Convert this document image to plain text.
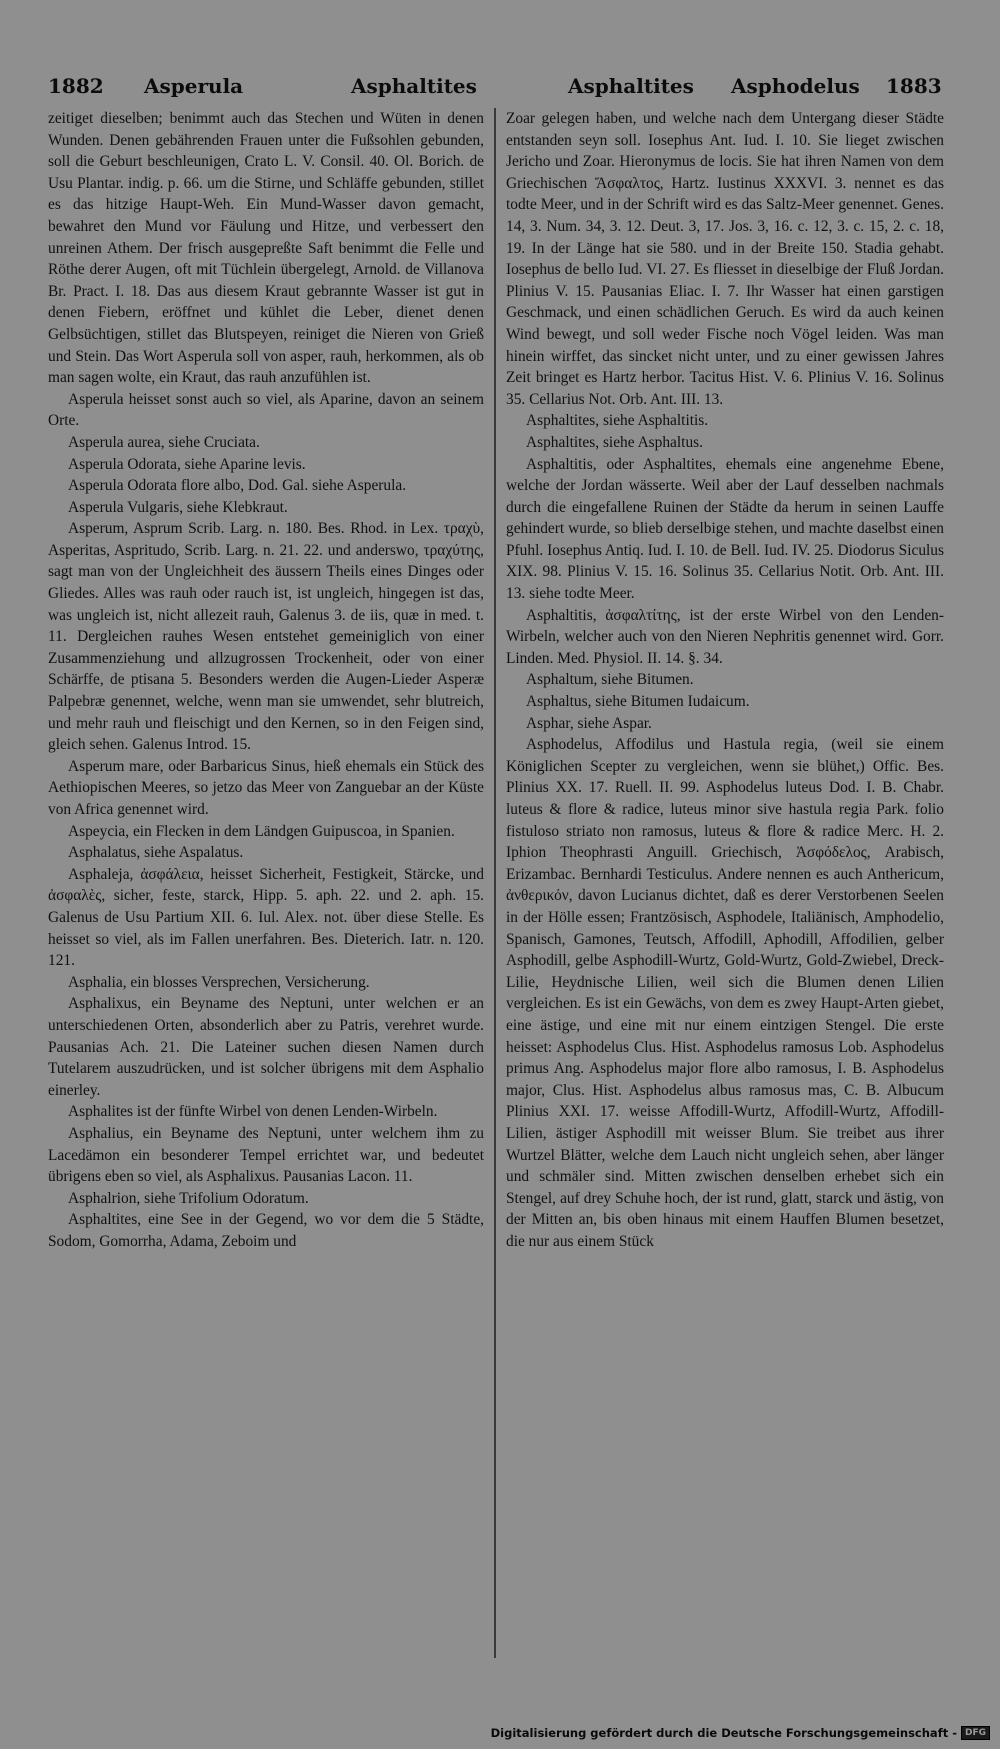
1882 Asperula	Asphaltites	Asphaltites Asphodelus 1883

zeitiget dieselben; benimmt auch das Stechen und Wüten in denen Wunden. Denen gebährenden Frauen unter die Fußsohlen gebunden, soll die Geburt beschleunigen, Crato L. V. Consil. 40. Ol. Borich. de Usu Plantar. indig. p. 66. um die Stirne, und Schläffe gebunden, stillet es das hitzige Haupt-Weh. Ein Mund-Wasser davon gemacht, bewahret den Mund vor Fäulung und Hitze, und verbessert den unreinen Athem. Der frisch ausgepreßte Saft benimmt die Felle und Röthe derer Augen, oft mit Tüchlein übergelegt, Arnold. de Villanova Br. Pract. I. 18. Das aus diesem Kraut gebrannte Wasser ist gut in denen Fiebern, eröffnet und kühlet die Leber, dienet denen Gelbsüchtigen, stillet das Blutspeyen, reiniget die Nieren von Grieß und Stein. Das Wort Asperula soll von asper, rauh, herkommen, als ob man sagen wolte, ein Kraut, das rauh anzufühlen ist.

Asperula heisset sonst auch so viel, als Aparine, davon an seinem Orte.

Asperula aurea, siehe Cruciata.

Asperula Odorata, siehe Aparine levis.

Asperula Odorata flore albo, Dod. Gal. siehe Asperula.

Asperula Vulgaris, siehe Klebkraut.

Asperum, Asprum Scrib. Larg. n. 180. Bes. Rhod. in Lex. τραχὺ, Asperitas, Aspritudo, Scrib. Larg. n. 21. 22. und anderswo, τραχύτης, sagt man von der Ungleichheit des äussern Theils eines Dinges oder Gliedes. Alles was rauh oder rauch ist, ist ungleich, hingegen ist das, was ungleich ist, nicht allezeit rauh, Galenus 3. de iis, quæ in med. t. 11. Dergleichen rauhes Wesen entstehet gemeiniglich von einer Zusammenziehung und allzugrossen Trockenheit, oder von einer Schärffe, de ptisana 5. Besonders werden die Augen-Lieder Asperæ Palpebræ genennet, welche, wenn man sie umwendet, sehr blutreich, und mehr rauh und fleischigt und den Kernen, so in den Feigen sind, gleich sehen. Galenus Introd. 15.

Asperum mare, oder Barbaricus Sinus, hieß ehemals ein Stück des Aethiopischen Meeres, so jetzo das Meer von Zanguebar an der Küste von Africa genennet wird.

Aspeycia, ein Flecken in dem Ländgen Guipuscoa, in Spanien.

Asphalatus, siehe Aspalatus.

Asphaleja, ἀσφάλεια, heisset Sicherheit, Festigkeit, Stärcke, und ἀσφαλὲς, sicher, feste, starck, Hipp. 5. aph. 22. und 2. aph. 15. Galenus de Usu Partium XII. 6. Iul. Alex. not. über diese Stelle. Es heisset so viel, als im Fallen unerfahren. Bes. Dieterich. Iatr. n. 120. 121.

Asphalia, ein blosses Versprechen, Versicherung.

Asphalixus, ein Beyname des Neptuni, unter welchen er an unterschiedenen Orten, absonderlich aber zu Patris, verehret wurde. Pausanias Ach. 21. Die Lateiner suchen diesen Namen durch Tutelarem auszudrücken, und ist solcher übrigens mit dem Asphalio einerley.

Asphalites ist der fünfte Wirbel von denen Lenden-Wirbeln.

Asphalius, ein Beyname des Neptuni, unter welchem ihm zu Lacedämon ein besonderer Tempel errichtet war, und bedeutet übrigens eben so viel, als Asphalixus. Pausanias Lacon. 11.

Asphalrion, siehe Trifolium Odoratum.

Asphaltites, eine See in der Gegend, wo vor dem die 5 Städte, Sodom, Gomorrha, Adama, Zeboim und

Zoar gelegen haben, und welche nach dem Untergang dieser Städte entstanden seyn soll. Iosephus Ant. Iud. I. 10. Sie lieget zwischen Jericho und Zoar. Hieronymus de locis. Sie hat ihren Namen von dem Griechischen Ἄσφαλτος, Hartz. Iustinus XXXVI. 3. nennet es das todte Meer, und in der Schrift wird es das Saltz-Meer genennet. Genes. 14, 3. Num. 34, 3. 12. Deut. 3, 17. Jos. 3, 16. c. 12, 3. c. 15, 2. c. 18, 19. In der Länge hat sie 580. und in der Breite 150. Stadia gehabt. Iosephus de bello Iud. VI. 27. Es fliesset in dieselbige der Fluß Jordan. Plinius V. 15. Pausanias Eliac. I. 7. Ihr Wasser hat einen garstigen Geschmack, und einen schädlichen Geruch. Es wird da auch keinen Wind bewegt, und soll weder Fische noch Vögel leiden. Was man hinein wirffet, das sincket nicht unter, und zu einer gewissen Jahres Zeit bringet es Hartz herbor. Tacitus Hist. V. 6. Plinius V. 16. Solinus 35. Cellarius Not. Orb. Ant. III. 13.

Asphaltites, siehe Asphaltitis.

Asphaltites, siehe Asphaltus.

Asphaltitis, oder Asphaltites, ehemals eine angenehme Ebene, welche der Jordan wässerte. Weil aber der Lauf desselben nachmals durch die eingefallene Ruinen der Städte da herum in seinen Lauffe gehindert wurde, so blieb derselbige stehen, und machte daselbst einen Pfuhl. Iosephus Antiq. Iud. I. 10. de Bell. Iud. IV. 25. Diodorus Siculus XIX. 98. Plinius V. 15. 16. Solinus 35. Cellarius Notit. Orb. Ant. III. 13. siehe todte Meer.

Asphaltitis, ἀσφαλτίτης, ist der erste Wirbel von den Lenden-Wirbeln, welcher auch von den Nieren Nephritis genennet wird. Gorr. Linden. Med. Physiol. II. 14. §. 34.

Asphaltum, siehe Bitumen.

Asphaltus, siehe Bitumen Iudaicum.

Asphar, siehe Aspar.

Asphodelus, Affodilus und Hastula regia, (weil sie einem Königlichen Scepter zu vergleichen, wenn sie blühet,) Offic. Bes. Plinius XX. 17. Ruell. II. 99. Asphodelus luteus Dod. I. B. Chabr. luteus & flore & radice, luteus minor sive hastula regia Park. folio fistuloso striato non ramosus, luteus & flore & radice Merc. H. 2. Iphion Theophrasti Anguill. Griechisch, Ἀσφόδελος, Arabisch, Erizambac. Bernhardi Testiculus. Andere nennen es auch Anthericum, ἀνθερικόν, davon Lucianus dichtet, daß es derer Verstorbenen Seelen in der Hölle essen; Frantzösisch, Asphodele, Italiänisch, Amphodelio, Spanisch, Gamones, Teutsch, Affodill, Aphodill, Affodilien, gelber Asphodill, gelbe Asphodill-Wurtz, Gold-Wurtz, Gold-Zwiebel, Dreck-Lilie, Heydnische Lilien, weil sich die Blumen denen Lilien vergleichen. Es ist ein Gewächs, von dem es zwey Haupt-Arten giebet, eine ästige, und eine mit nur einem eintzigen Stengel. Die erste heisset: Asphodelus Clus. Hist. Asphodelus ramosus Lob. Asphodelus primus Ang. Asphodelus major flore albo ramosus, I. B. Asphodelus major, Clus. Hist. Asphodelus albus ramosus mas, C. B. Albucum Plinius XXI. 17. weisse Affodill-Wurtz, Affodill-Wurtz, Affodill-Lilien, ästiger Asphodill mit weisser Blum. Sie treibet aus ihrer Wurtzel Blätter, welche dem Lauch nicht ungleich sehen, aber länger und schmäler sind. Mitten zwischen denselben erhebet sich ein Stengel, auf drey Schuhe hoch, der ist rund, glatt, starck und ästig, von der Mitten an, bis oben hinaus mit einem Hauffen Blumen besetzet, die nur aus einem Stück

Digitalisierung gefördert durch die Deutsche Forschungsgemeinschaft - DFG
